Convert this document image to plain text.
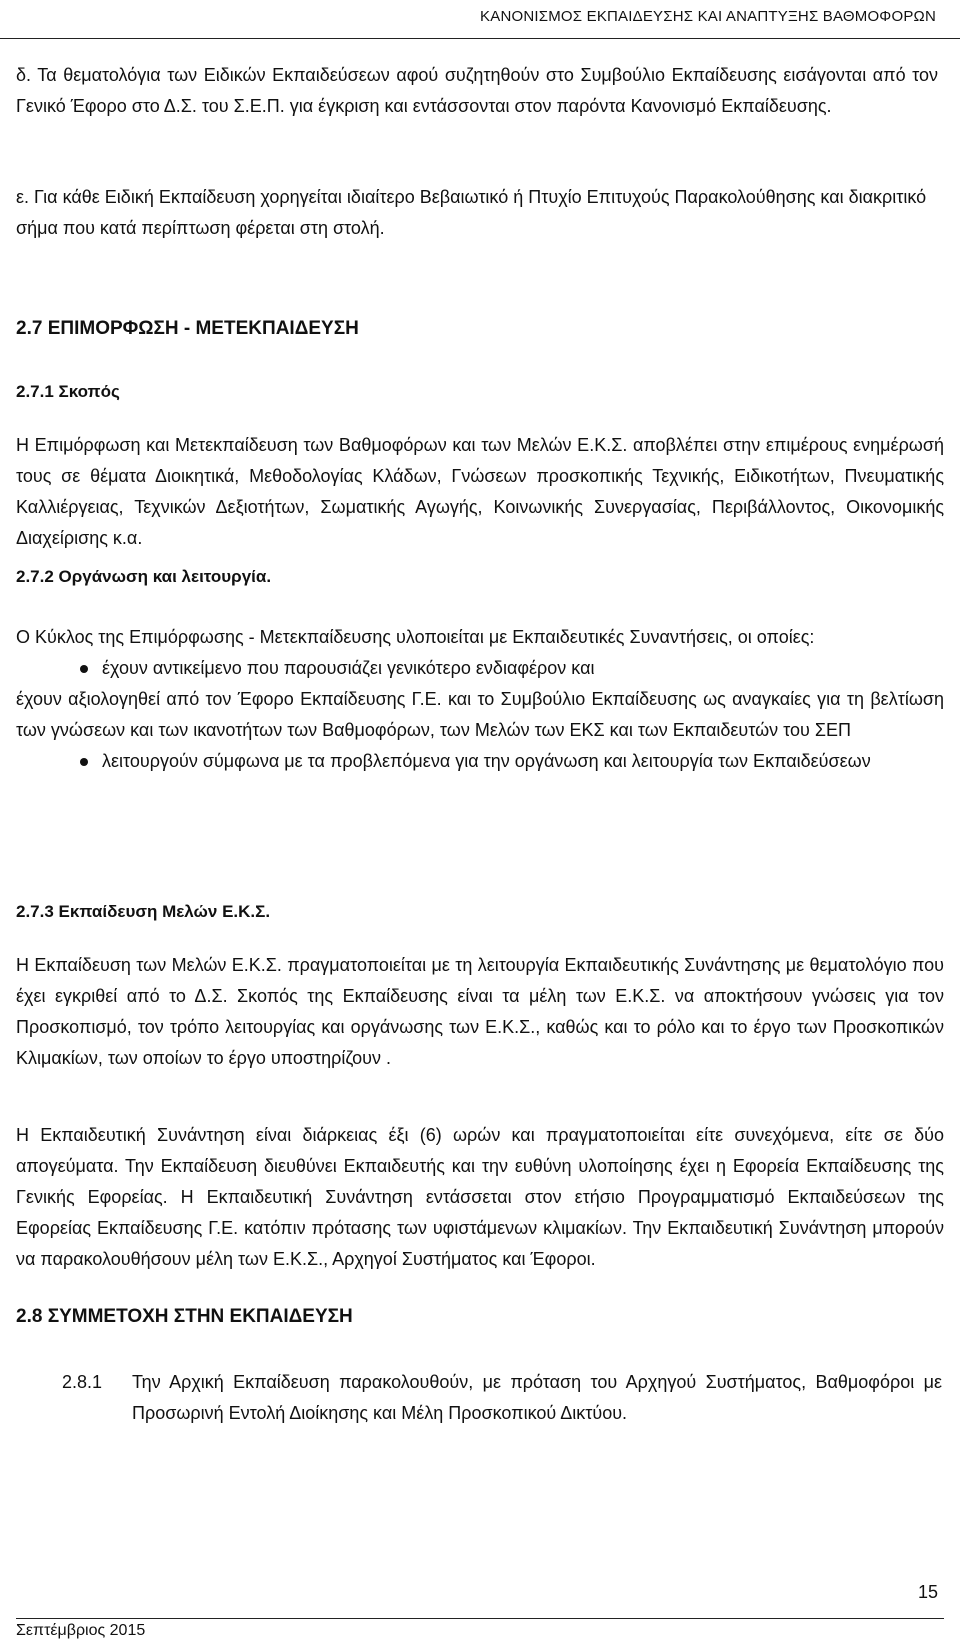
ΚΑΝΟΝΙΣΜΟΣ ΕΚΠΑΙΔΕΥΣΗΣ ΚΑΙ ΑΝΑΠΤΥΞΗΣ ΒΑΘΜΟΦΟΡΩΝ

δ. Τα θεματολόγια των Ειδικών Εκπαιδεύσεων αφού συζητηθούν στο Συμβούλιο Εκπαίδευσης εισάγονται από τον Γενικό Έφορο στο Δ.Σ. του Σ.Ε.Π. για έγκριση και εντάσσονται στον παρόντα Κανονισμό Εκπαίδευσης.

ε. Για κάθε Ειδική Εκπαίδευση χορηγείται ιδιαίτερο Βεβαιωτικό ή Πτυχίο Επιτυχούς Παρακολούθησης και διακριτικό σήμα που κατά περίπτωση φέρεται στη στολή.

2.7 ΕΠΙΜΟΡΦΩΣΗ - ΜΕΤΕΚΠΑΙΔΕΥΣΗ
2.7.1 Σκοπός

Η Επιμόρφωση και Μετεκπαίδευση των Βαθμοφόρων και των Μελών Ε.Κ.Σ. αποβλέπει στην επιμέρους ενημέρωσή τους σε θέματα Διοικητικά, Μεθοδολογίας Κλάδων, Γνώσεων προσκοπικής Τεχνικής, Ειδικοτήτων, Πνευματικής Καλλιέργειας, Τεχνικών Δεξιοτήτων, Σωματικής Αγωγής, Κοινωνικής Συνεργασίας, Περιβάλλοντος, Οικονομικής Διαχείρισης κ.α.

2.7.2 Οργάνωση και λειτουργία.

Ο Κύκλος της Επιμόρφωσης - Μετεκπαίδευσης υλοποιείται με Εκπαιδευτικές Συναντήσεις, οι οποίες:

έχουν αντικείμενο που παρουσιάζει γενικότερο ενδιαφέρον και

έχουν αξιολογηθεί από τον Έφορο Εκπαίδευσης Γ.Ε. και το Συμβούλιο Εκπαίδευσης ως αναγκαίες για τη βελτίωση των γνώσεων και των ικανοτήτων των Βαθμοφόρων, των Μελών των ΕΚΣ και των Εκπαιδευτών του ΣΕΠ

λειτουργούν σύμφωνα με τα προβλεπόμενα για την οργάνωση και λειτουργία των Εκπαιδεύσεων
2.7.3 Εκπαίδευση Μελών Ε.Κ.Σ.

Η Εκπαίδευση των Μελών Ε.Κ.Σ. πραγματοποιείται με τη λειτουργία Εκπαιδευτικής Συνάντησης με θεματολόγιο που έχει εγκριθεί από το Δ.Σ. Σκοπός της Εκπαίδευσης είναι τα μέλη των Ε.Κ.Σ. να αποκτήσουν γνώσεις για τον Προσκοπισμό, τον τρόπο λειτουργίας και οργάνωσης των Ε.Κ.Σ., καθώς και το ρόλο και το έργο των Προσκοπικών Κλιμακίων, των οποίων το έργο υποστηρίζουν .

Η Εκπαιδευτική Συνάντηση είναι διάρκειας έξι (6) ωρών και πραγματοποιείται είτε συνεχόμενα, είτε σε δύο απογεύματα. Την Εκπαίδευση διευθύνει Εκπαιδευτής και την ευθύνη υλοποίησης έχει η Εφορεία Εκπαίδευσης της Γενικής Εφορείας. Η Εκπαιδευτική Συνάντηση εντάσσεται στον ετήσιο Προγραμματισμό Εκπαιδεύσεων της Εφορείας Εκπαίδευσης Γ.Ε. κατόπιν πρότασης των υφιστάμενων κλιμακίων. Την Εκπαιδευτική Συνάντηση μπορούν να παρακολουθήσουν μέλη των Ε.Κ.Σ., Αρχηγοί Συστήματος και Έφοροι.

2.8 ΣΥΜΜΕΤΟΧΗ ΣΤΗΝ ΕΚΠΑΙΔΕΥΣΗ
2.8.1 Την Αρχική Εκπαίδευση παρακολουθούν, με πρόταση του Αρχηγού Συστήματος, Βαθμοφόροι με Προσωρινή Εντολή Διοίκησης και Μέλη Προσκοπικού Δικτύου.

15
Σεπτέμβριος 2015
